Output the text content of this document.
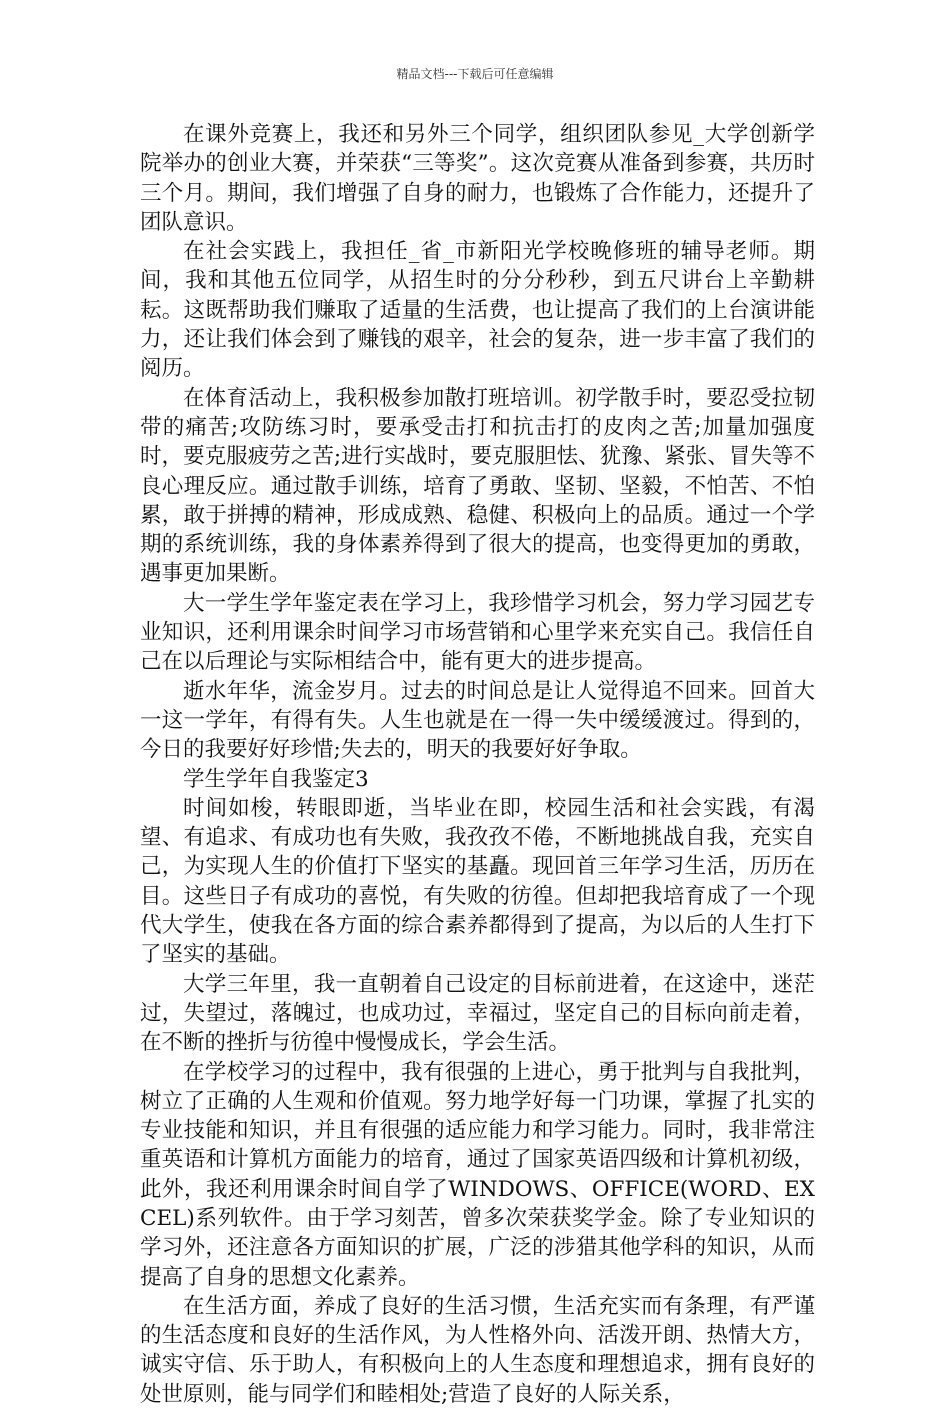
精品文档---下载后可任意编辑

在课外竞赛上，我还和另外三个同学，组织团队参见_大学创新学院举办的创业大赛，并荣获“三等奖”。这次竞赛从准备到参赛，共历时三个月。期间，我们增强了自身的耐力，也锻炼了合作能力，还提升了团队意识。

在社会实践上，我担任_省_市新阳光学校晚修班的辅导老师。期间，我和其他五位同学，从招生时的分分秒秒，到五尺讲台上辛勤耕耘。这既帮助我们赚取了适量的生活费，也让提高了我们的上台演讲能力，还让我们体会到了赚钱的艰辛，社会的复杂，进一步丰富了我们的阅历。

在体育活动上，我积极参加散打班培训。初学散手时，要忍受拉韧带的痛苦;攻防练习时，要承受击打和抗击打的皮肉之苦;加量加强度时，要克服疲劳之苦;进行实战时，要克服胆怯、犹豫、紧张、冒失等不良心理反应。通过散手训练，培育了勇敢、坚韧、坚毅，不怕苦、不怕累，敢于拼搏的精神，形成成熟、稳健、积极向上的品质。通过一个学期的系统训练，我的身体素养得到了很大的提高，也变得更加的勇敢，遇事更加果断。

大一学生学年鉴定表在学习上，我珍惜学习机会，努力学习园艺专业知识，还利用课余时间学习市场营销和心里学来充实自己。我信任自己在以后理论与实际相结合中，能有更大的进步提高。

逝水年华，流金岁月。过去的时间总是让人觉得追不回来。回首大一这一学年，有得有失。人生也就是在一得一失中缓缓渡过。得到的，今日的我要好好珍惜;失去的，明天的我要好好争取。

学生学年自我鉴定3

时间如梭，转眼即逝，当毕业在即，校园生活和社会实践，有渴望、有追求、有成功也有失败，我孜孜不倦，不断地挑战自我，充实自己，为实现人生的价值打下坚实的基矗。现回首三年学习生活，历历在目。这些日子有成功的喜悦，有失败的彷徨。但却把我培育成了一个现代大学生，使我在各方面的综合素养都得到了提高，为以后的人生打下了坚实的基础。

大学三年里，我一直朝着自己设定的目标前进着，在这途中，迷茫过，失望过，落魄过，也成功过，幸福过，坚定自己的目标向前走着，在不断的挫折与彷徨中慢慢成长，学会生活。

在学校学习的过程中，我有很强的上进心，勇于批判与自我批判，树立了正确的人生观和价值观。努力地学好每一门功课，掌握了扎实的专业技能和知识，并且有很强的适应能力和学习能力。同时，我非常注重英语和计算机方面能力的培育，通过了国家英语四级和计算机初级，此外，我还利用课余时间自学了WINDOWS、OFFICE(WORD、EXCEL)系列软件。由于学习刻苦，曾多次荣获奖学金。除了专业知识的学习外，还注意各方面知识的扩展，广泛的涉猎其他学科的知识，从而提高了自身的思想文化素养。

在生活方面，养成了良好的生活习惯，生活充实而有条理，有严谨的生活态度和良好的生活作风，为人性格外向、活泼开朗、热情大方，诚实守信、乐于助人，有积极向上的人生态度和理想追求，拥有良好的处世原则，能与同学们和睦相处;营造了良好的人际关系，
